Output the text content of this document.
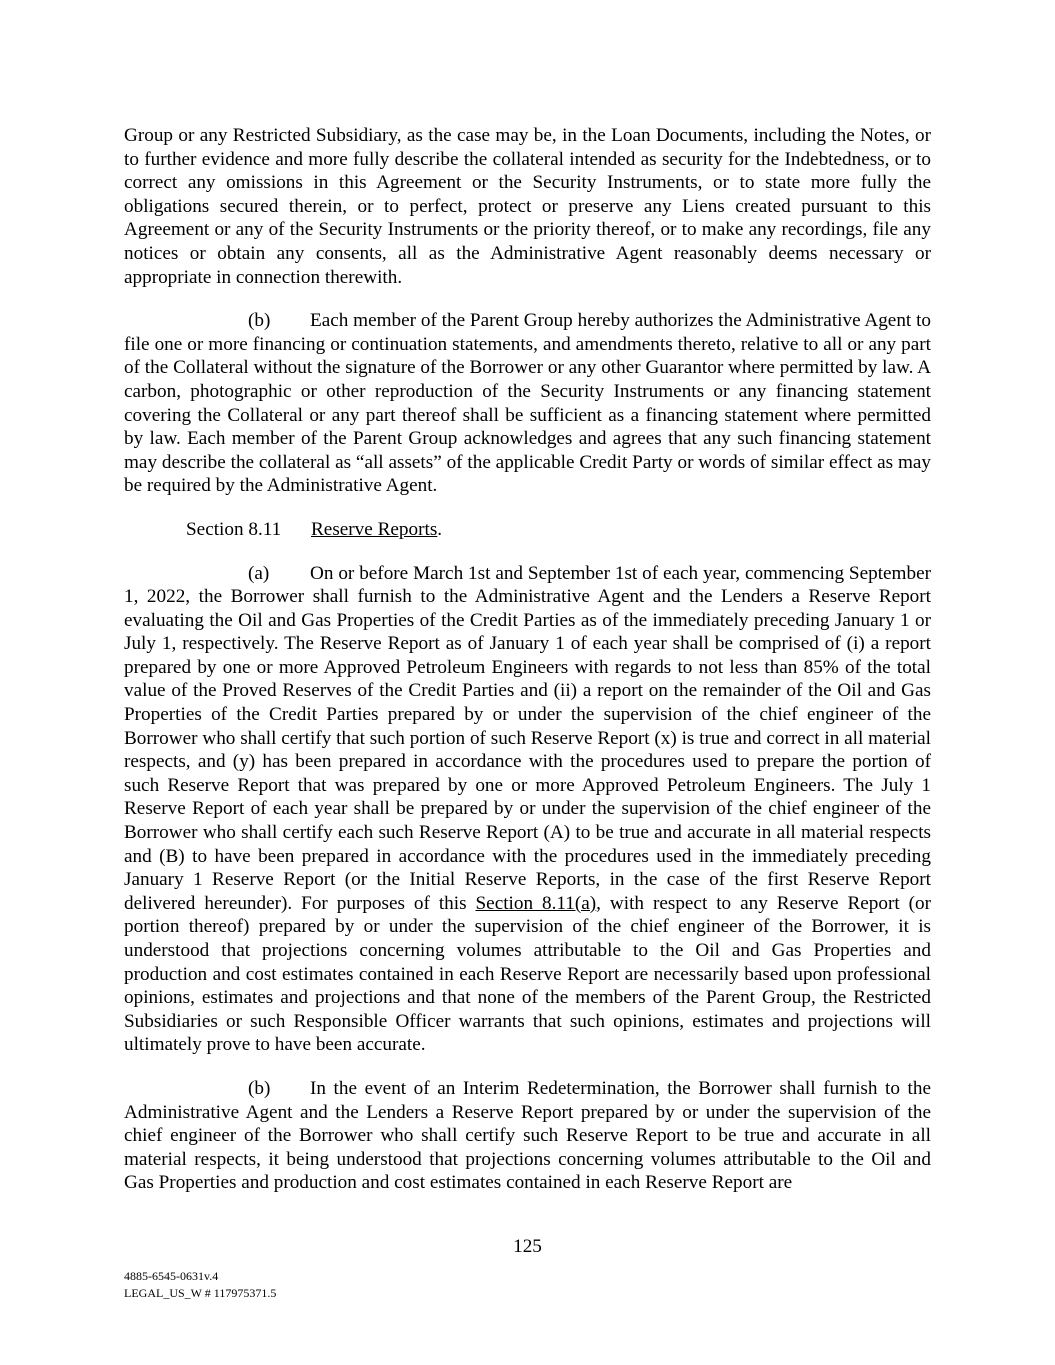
Group or any Restricted Subsidiary, as the case may be, in the Loan Documents, including the Notes, or to further evidence and more fully describe the collateral intended as security for the Indebtedness, or to correct any omissions in this Agreement or the Security Instruments, or to state more fully the obligations secured therein, or to perfect, protect or preserve any Liens created pursuant to this Agreement or any of the Security Instruments or the priority thereof, or to make any recordings, file any notices or obtain any consents, all as the Administrative Agent reasonably deems necessary or appropriate in connection therewith.

(b) Each member of the Parent Group hereby authorizes the Administrative Agent to file one or more financing or continuation statements, and amendments thereto, relative to all or any part of the Collateral without the signature of the Borrower or any other Guarantor where permitted by law. A carbon, photographic or other reproduction of the Security Instruments or any financing statement covering the Collateral or any part thereof shall be sufficient as a financing statement where permitted by law. Each member of the Parent Group acknowledges and agrees that any such financing statement may describe the collateral as “all assets” of the applicable Credit Party or words of similar effect as may be required by the Administrative Agent.

Section 8.11 Reserve Reports.

(a) On or before March 1st and September 1st of each year, commencing September 1, 2022, the Borrower shall furnish to the Administrative Agent and the Lenders a Reserve Report evaluating the Oil and Gas Properties of the Credit Parties as of the immediately preceding January 1 or July 1, respectively. The Reserve Report as of January 1 of each year shall be comprised of (i) a report prepared by one or more Approved Petroleum Engineers with regards to not less than 85% of the total value of the Proved Reserves of the Credit Parties and (ii) a report on the remainder of the Oil and Gas Properties of the Credit Parties prepared by or under the supervision of the chief engineer of the Borrower who shall certify that such portion of such Reserve Report (x) is true and correct in all material respects, and (y) has been prepared in accordance with the procedures used to prepare the portion of such Reserve Report that was prepared by one or more Approved Petroleum Engineers. The July 1 Reserve Report of each year shall be prepared by or under the supervision of the chief engineer of the Borrower who shall certify each such Reserve Report (A) to be true and accurate in all material respects and (B) to have been prepared in accordance with the procedures used in the immediately preceding January 1 Reserve Report (or the Initial Reserve Reports, in the case of the first Reserve Report delivered hereunder). For purposes of this Section 8.11(a), with respect to any Reserve Report (or portion thereof) prepared by or under the supervision of the chief engineer of the Borrower, it is understood that projections concerning volumes attributable to the Oil and Gas Properties and production and cost estimates contained in each Reserve Report are necessarily based upon professional opinions, estimates and projections and that none of the members of the Parent Group, the Restricted Subsidiaries or such Responsible Officer warrants that such opinions, estimates and projections will ultimately prove to have been accurate.

(b) In the event of an Interim Redetermination, the Borrower shall furnish to the Administrative Agent and the Lenders a Reserve Report prepared by or under the supervision of the chief engineer of the Borrower who shall certify such Reserve Report to be true and accurate in all material respects, it being understood that projections concerning volumes attributable to the Oil and Gas Properties and production and cost estimates contained in each Reserve Report are

125
4885-6545-0631v.4
LEGAL_US_W # 117975371.5
